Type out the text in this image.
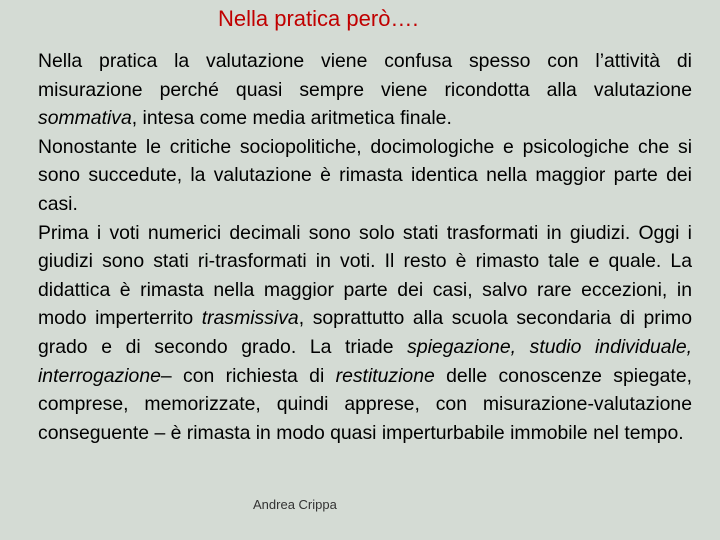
Nella pratica però….

Nella pratica la valutazione viene confusa spesso con l’attività di misurazione perché quasi sempre viene ricondotta alla valutazione sommativa, intesa come media aritmetica finale.

Nonostante le critiche sociopolitiche, docimologiche e psicologiche che si sono succedute, la valutazione è rimasta identica nella maggior parte dei casi.

Prima i voti numerici decimali sono solo stati trasformati in giudizi. Oggi i giudizi sono stati ri-trasformati in voti. Il resto è rimasto tale e quale. La didattica è rimasta nella maggior parte dei casi, salvo rare eccezioni, in modo imperterrito trasmissiva, soprattutto alla scuola secondaria di primo grado e di secondo grado. La triade spiegazione, studio individuale, interrogazione– con richiesta di restituzione delle conoscenze spiegate, comprese, memorizzate, quindi apprese, con misurazione-valutazione conseguente – è rimasta in modo quasi imperturbabile immobile nel tempo.

Andrea Crippa
